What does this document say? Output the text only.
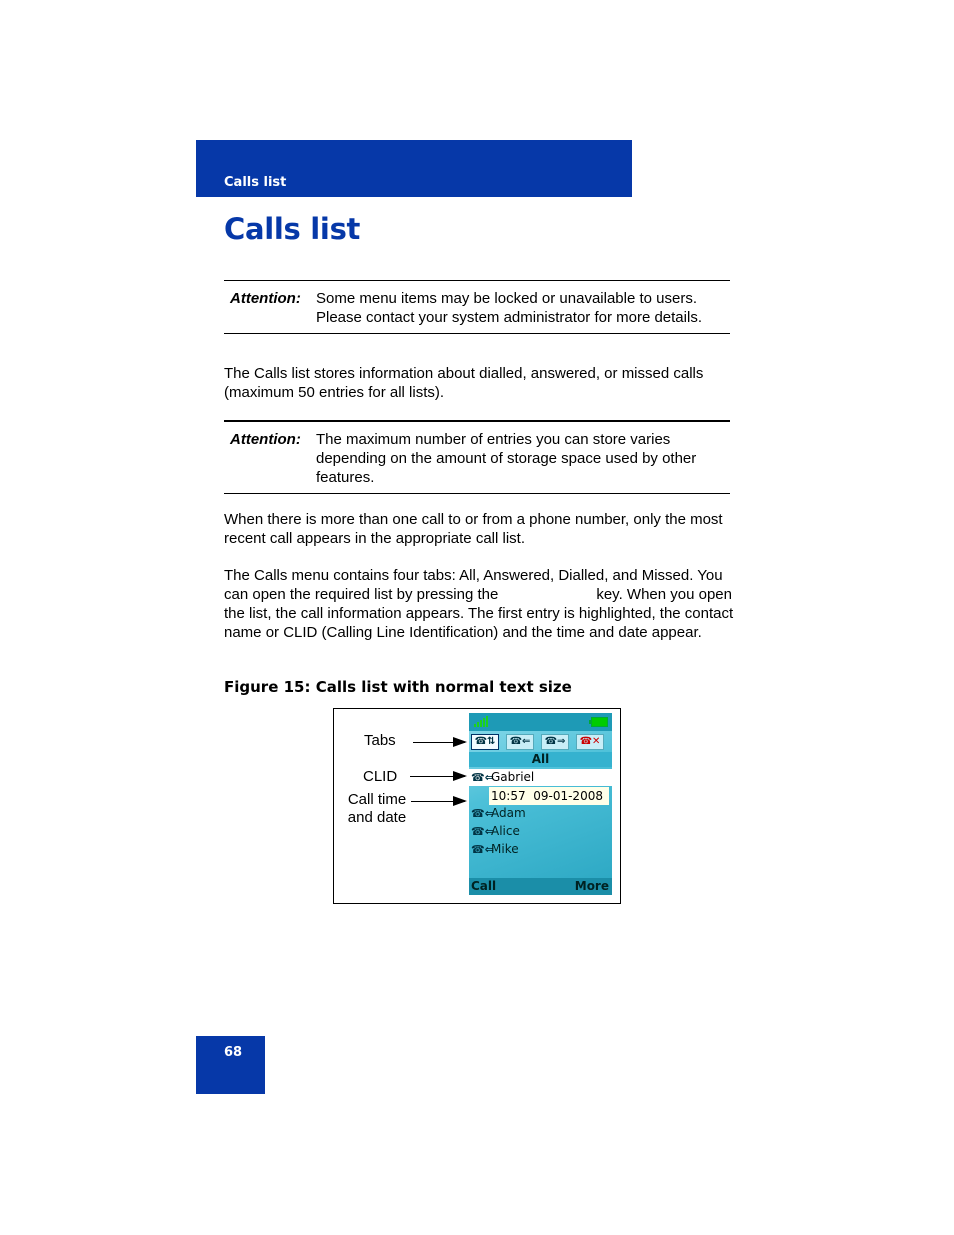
Calls list
Calls list
Attention: Some menu items may be locked or unavailable to users. Please contact your system administrator for more details.

The Calls list stores information about dialled, answered, or missed calls (maximum 50 entries for all lists).

Attention: The maximum number of entries you can store varies depending on the amount of storage space used by other features.

When there is more than one call to or from a phone number, only the most recent call appears in the appropriate call list.

The Calls menu contains four tabs: All, Answered, Dialled, and Missed. You can open the required list by pressing the	key. When you open the list, the call information appears. The first entry is highlighted, the contact name or CLID (Calling Line Identification) and the time and date appear.

Figure 15: Calls list with normal text size

Tabs
CLID
Call time
and date
☎⇅	☎⇐	☎⇒	☎✕
All
☎⇐
Gabriel
10:57 09-01-2008
☎⇐
Adam
☎⇐
Alice
☎⇐
Mike
Call	More
68
